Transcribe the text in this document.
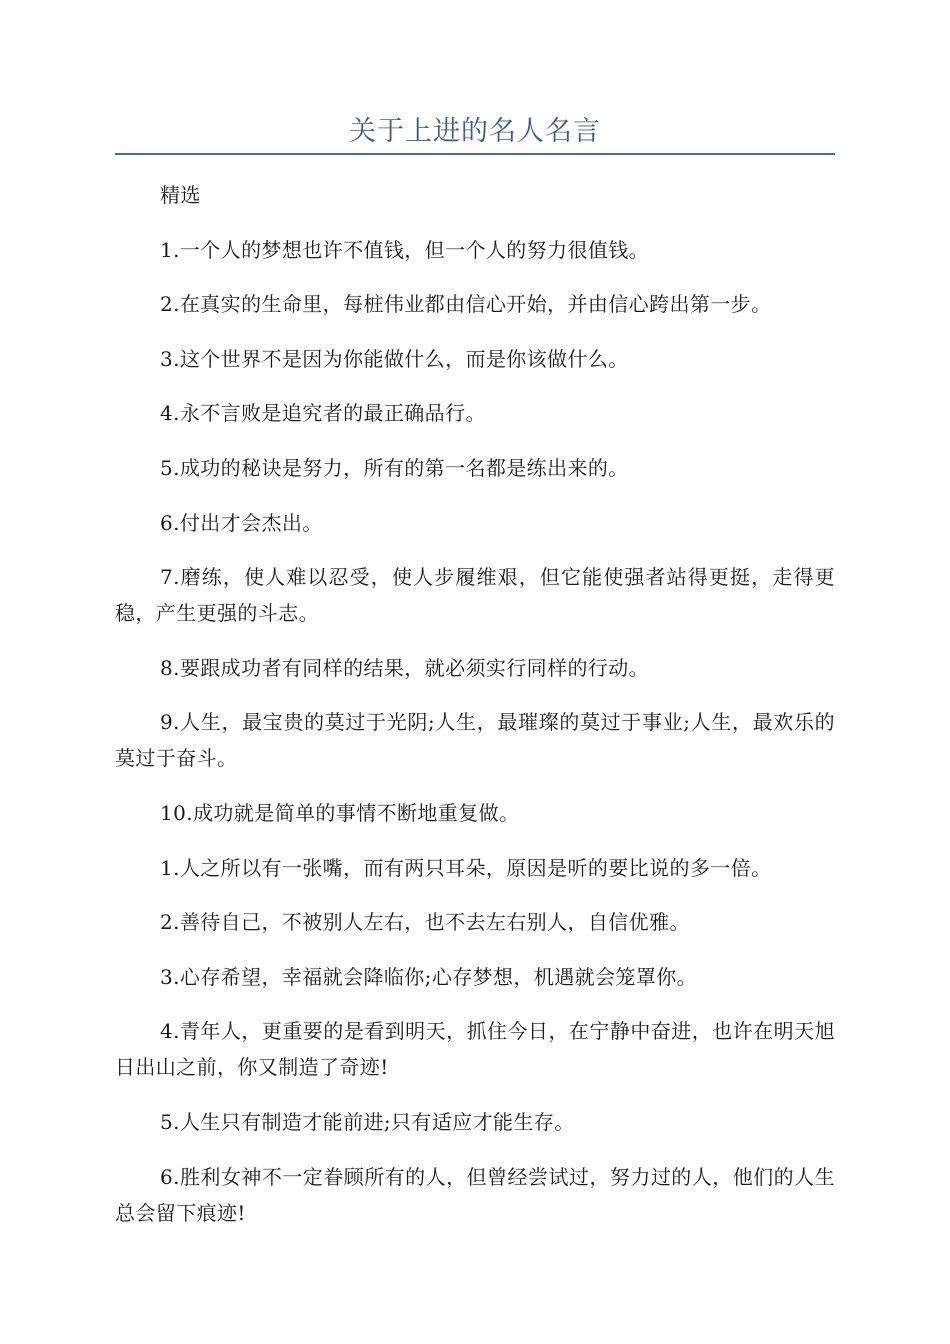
关于上进的名人名言

精选

1.一个人的梦想也许不值钱，但一个人的努力很值钱。

2.在真实的生命里，每桩伟业都由信心开始，并由信心跨出第一步。

3.这个世界不是因为你能做什么，而是你该做什么。

4.永不言败是追究者的最正确品行。

5.成功的秘诀是努力，所有的第一名都是练出来的。

6.付出才会杰出。

7.磨练，使人难以忍受，使人步履维艰，但它能使强者站得更挺，走得更稳，产生更强的斗志。

8.要跟成功者有同样的结果，就必须实行同样的行动。

9.人生，最宝贵的莫过于光阴;人生，最璀璨的莫过于事业;人生，最欢乐的莫过于奋斗。

10.成功就是简单的事情不断地重复做。

1.人之所以有一张嘴，而有两只耳朵，原因是听的要比说的多一倍。

2.善待自己，不被别人左右，也不去左右别人，自信优雅。

3.心存希望，幸福就会降临你;心存梦想，机遇就会笼罩你。

4.青年人，更重要的是看到明天，抓住今日，在宁静中奋进，也许在明天旭日出山之前，你又制造了奇迹!

5.人生只有制造才能前进;只有适应才能生存。

6.胜利女神不一定眷顾所有的人，但曾经尝试过，努力过的人，他们的人生总会留下痕迹!
